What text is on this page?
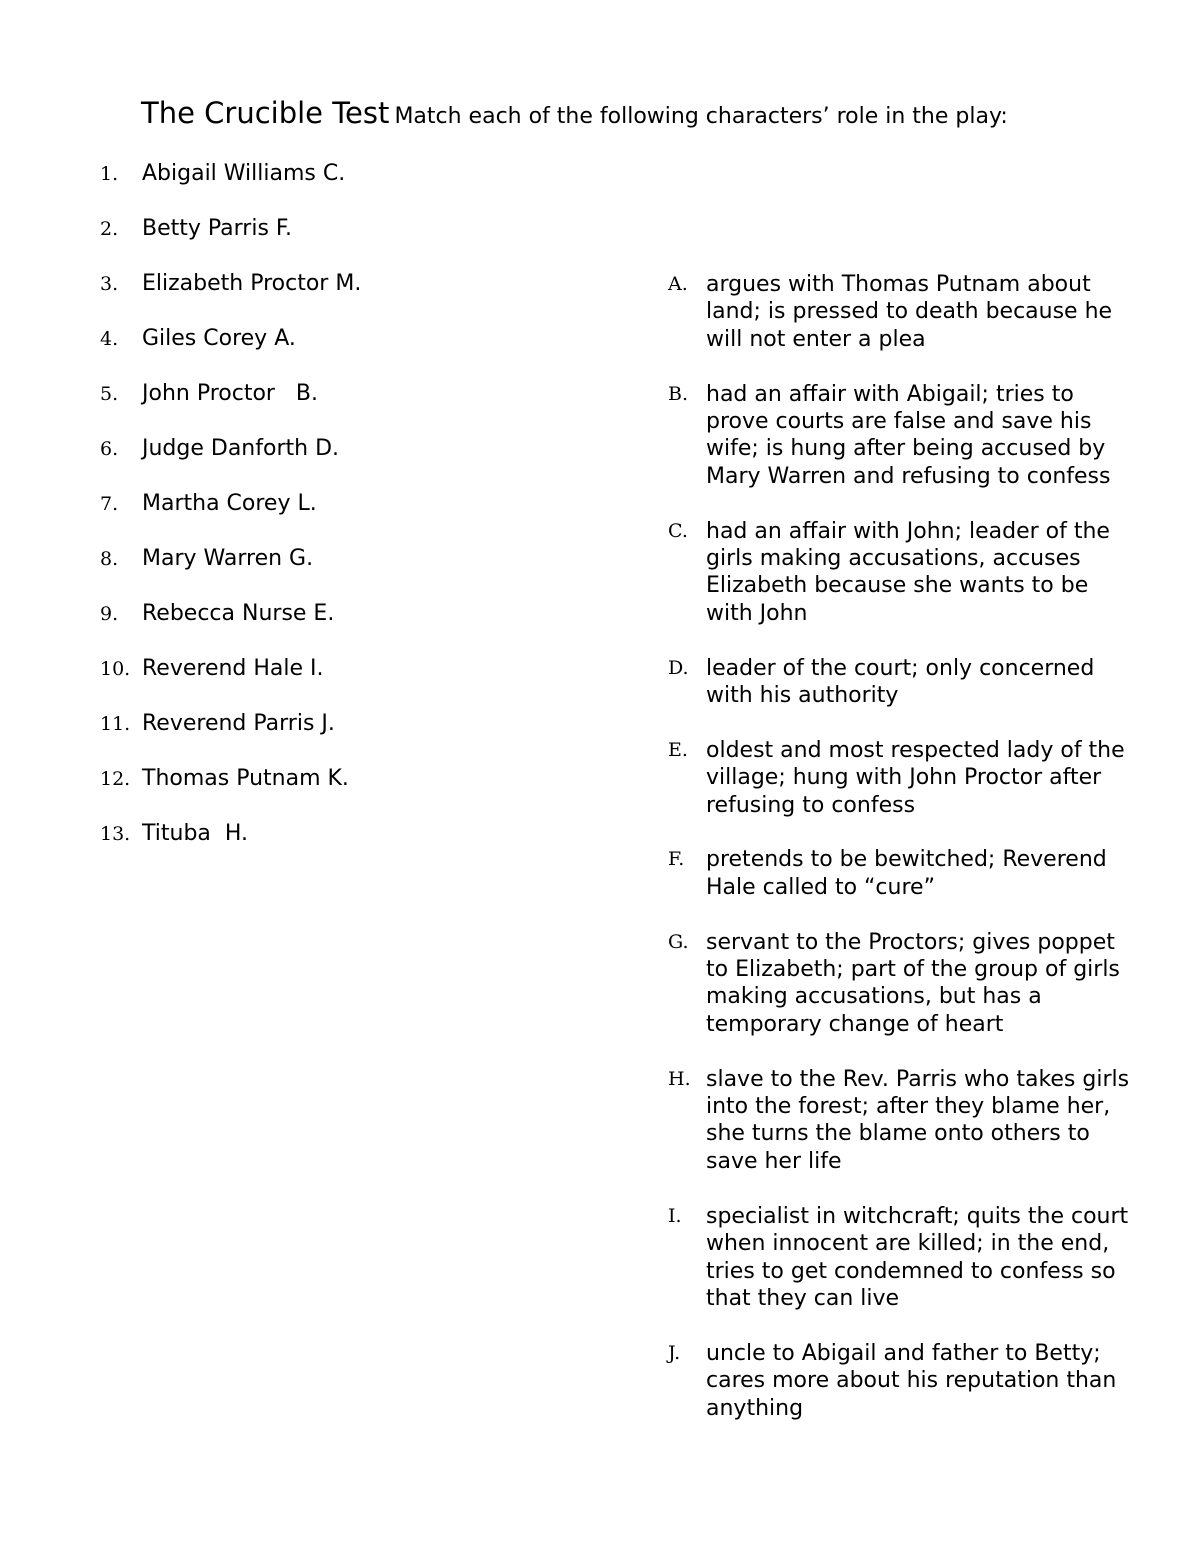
The Crucible Test Match each of the following characters’ role in the play:
1.	Abigail Williams C.
2.	Betty Parris F.
3.	Elizabeth Proctor M.
4.	Giles Corey A.
5.	John Proctor   B.
6.	Judge Danforth D.
7.	Martha Corey L.
8.	Mary Warren G.
9.	Rebecca Nurse E.
10. Reverend Hale I.
11. Reverend Parris J.
12. Thomas Putnam K.
13. Tituba  H.
A. argues with Thomas Putnam about land; is pressed to death because he will not enter a plea
B. had an affair with Abigail; tries to prove courts are false and save his wife; is hung after being accused by Mary Warren and refusing to confess
C. had an affair with John; leader of the girls making accusations, accuses Elizabeth because she wants to be with John
D. leader of the court; only concerned with his authority
E. oldest and most respected lady of the village; hung with John Proctor after refusing to confess
F. pretends to be bewitched; Reverend Hale called to “cure”
G. servant to the Proctors; gives poppet to Elizabeth; part of the group of girls making accusations, but has a temporary change of heart
H. slave to the Rev. Parris who takes girls into the forest; after they blame her, she turns the blame onto others to save her life
I.	specialist in witchcraft; quits the court when innocent are killed; in the end, tries to get condemned to confess so that they can live
J.	uncle to Abigail and father to Betty; cares more about his reputation than anything
